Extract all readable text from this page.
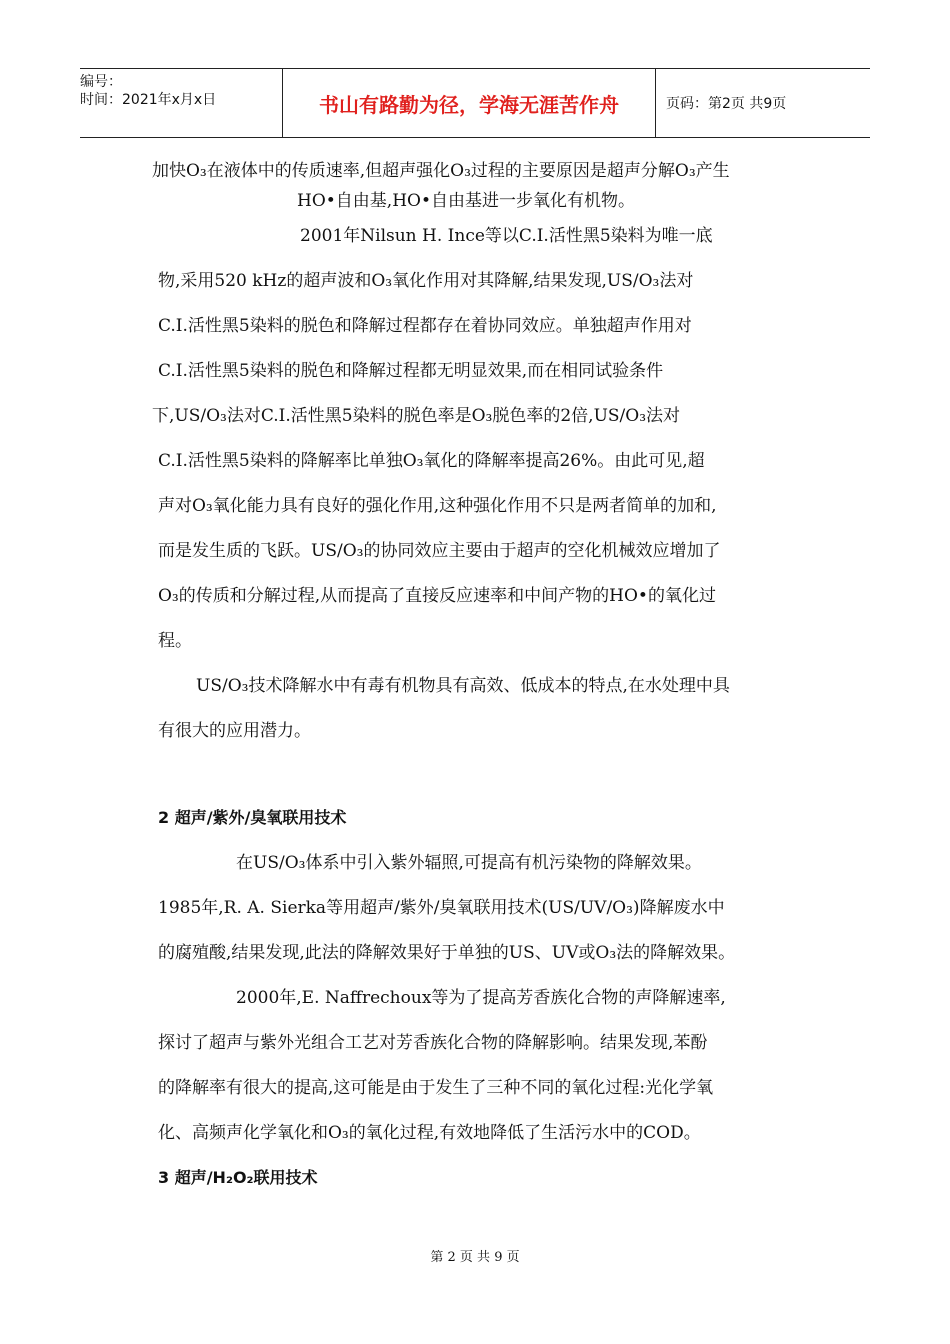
编号：
时间：2021年x月x日	书山有路勤为径，学海无涯苦作舟	页码：第2页 共9页
加快O₃在液体中的传质速率,但超声强化O₃过程的主要原因是超声分解O₃产生
HO•自由基,HO•自由基进一步氧化有机物。
2001年Nilsun H. Ince等以C.I.活性黑5染料为唯一底
物,采用520 kHz的超声波和O₃氧化作用对其降解,结果发现,US/O₃法对
C.I.活性黑5染料的脱色和降解过程都存在着协同效应。单独超声作用对
C.I.活性黑5染料的脱色和降解过程都无明显效果,而在相同试验条件
下,US/O₃法对C.I.活性黑5染料的脱色率是O₃脱色率的2倍,US/O₃法对
C.I.活性黑5染料的降解率比单独O₃氧化的降解率提高26%。由此可见,超
声对O₃氧化能力具有良好的强化作用,这种强化作用不只是两者简单的加和,
而是发生质的飞跃。US/O₃的协同效应主要由于超声的空化机械效应增加了
O₃的传质和分解过程,从而提高了直接反应速率和中间产物的HO•的氧化过
程。
US/O₃技术降解水中有毒有机物具有高效、低成本的特点,在水处理中具
有很大的应用潜力。
2 超声/紫外/臭氧联用技术
在US/O₃体系中引入紫外辐照,可提高有机污染物的降解效果。
1985年,R. A. Sierka等用超声/紫外/臭氧联用技术(US/UV/O₃)降解废水中
的腐殖酸,结果发现,此法的降解效果好于单独的US、UV或O₃法的降解效果。
2000年,E. Naffrechoux等为了提高芳香族化合物的声降解速率,
探讨了超声与紫外光组合工艺对芳香族化合物的降解影响。结果发现,苯酚
的降解率有很大的提高,这可能是由于发生了三种不同的氧化过程:光化学氧
化、高频声化学氧化和O₃的氧化过程,有效地降低了生活污水中的COD。
3 超声/H₂O₂联用技术
第 2 页 共 9 页
